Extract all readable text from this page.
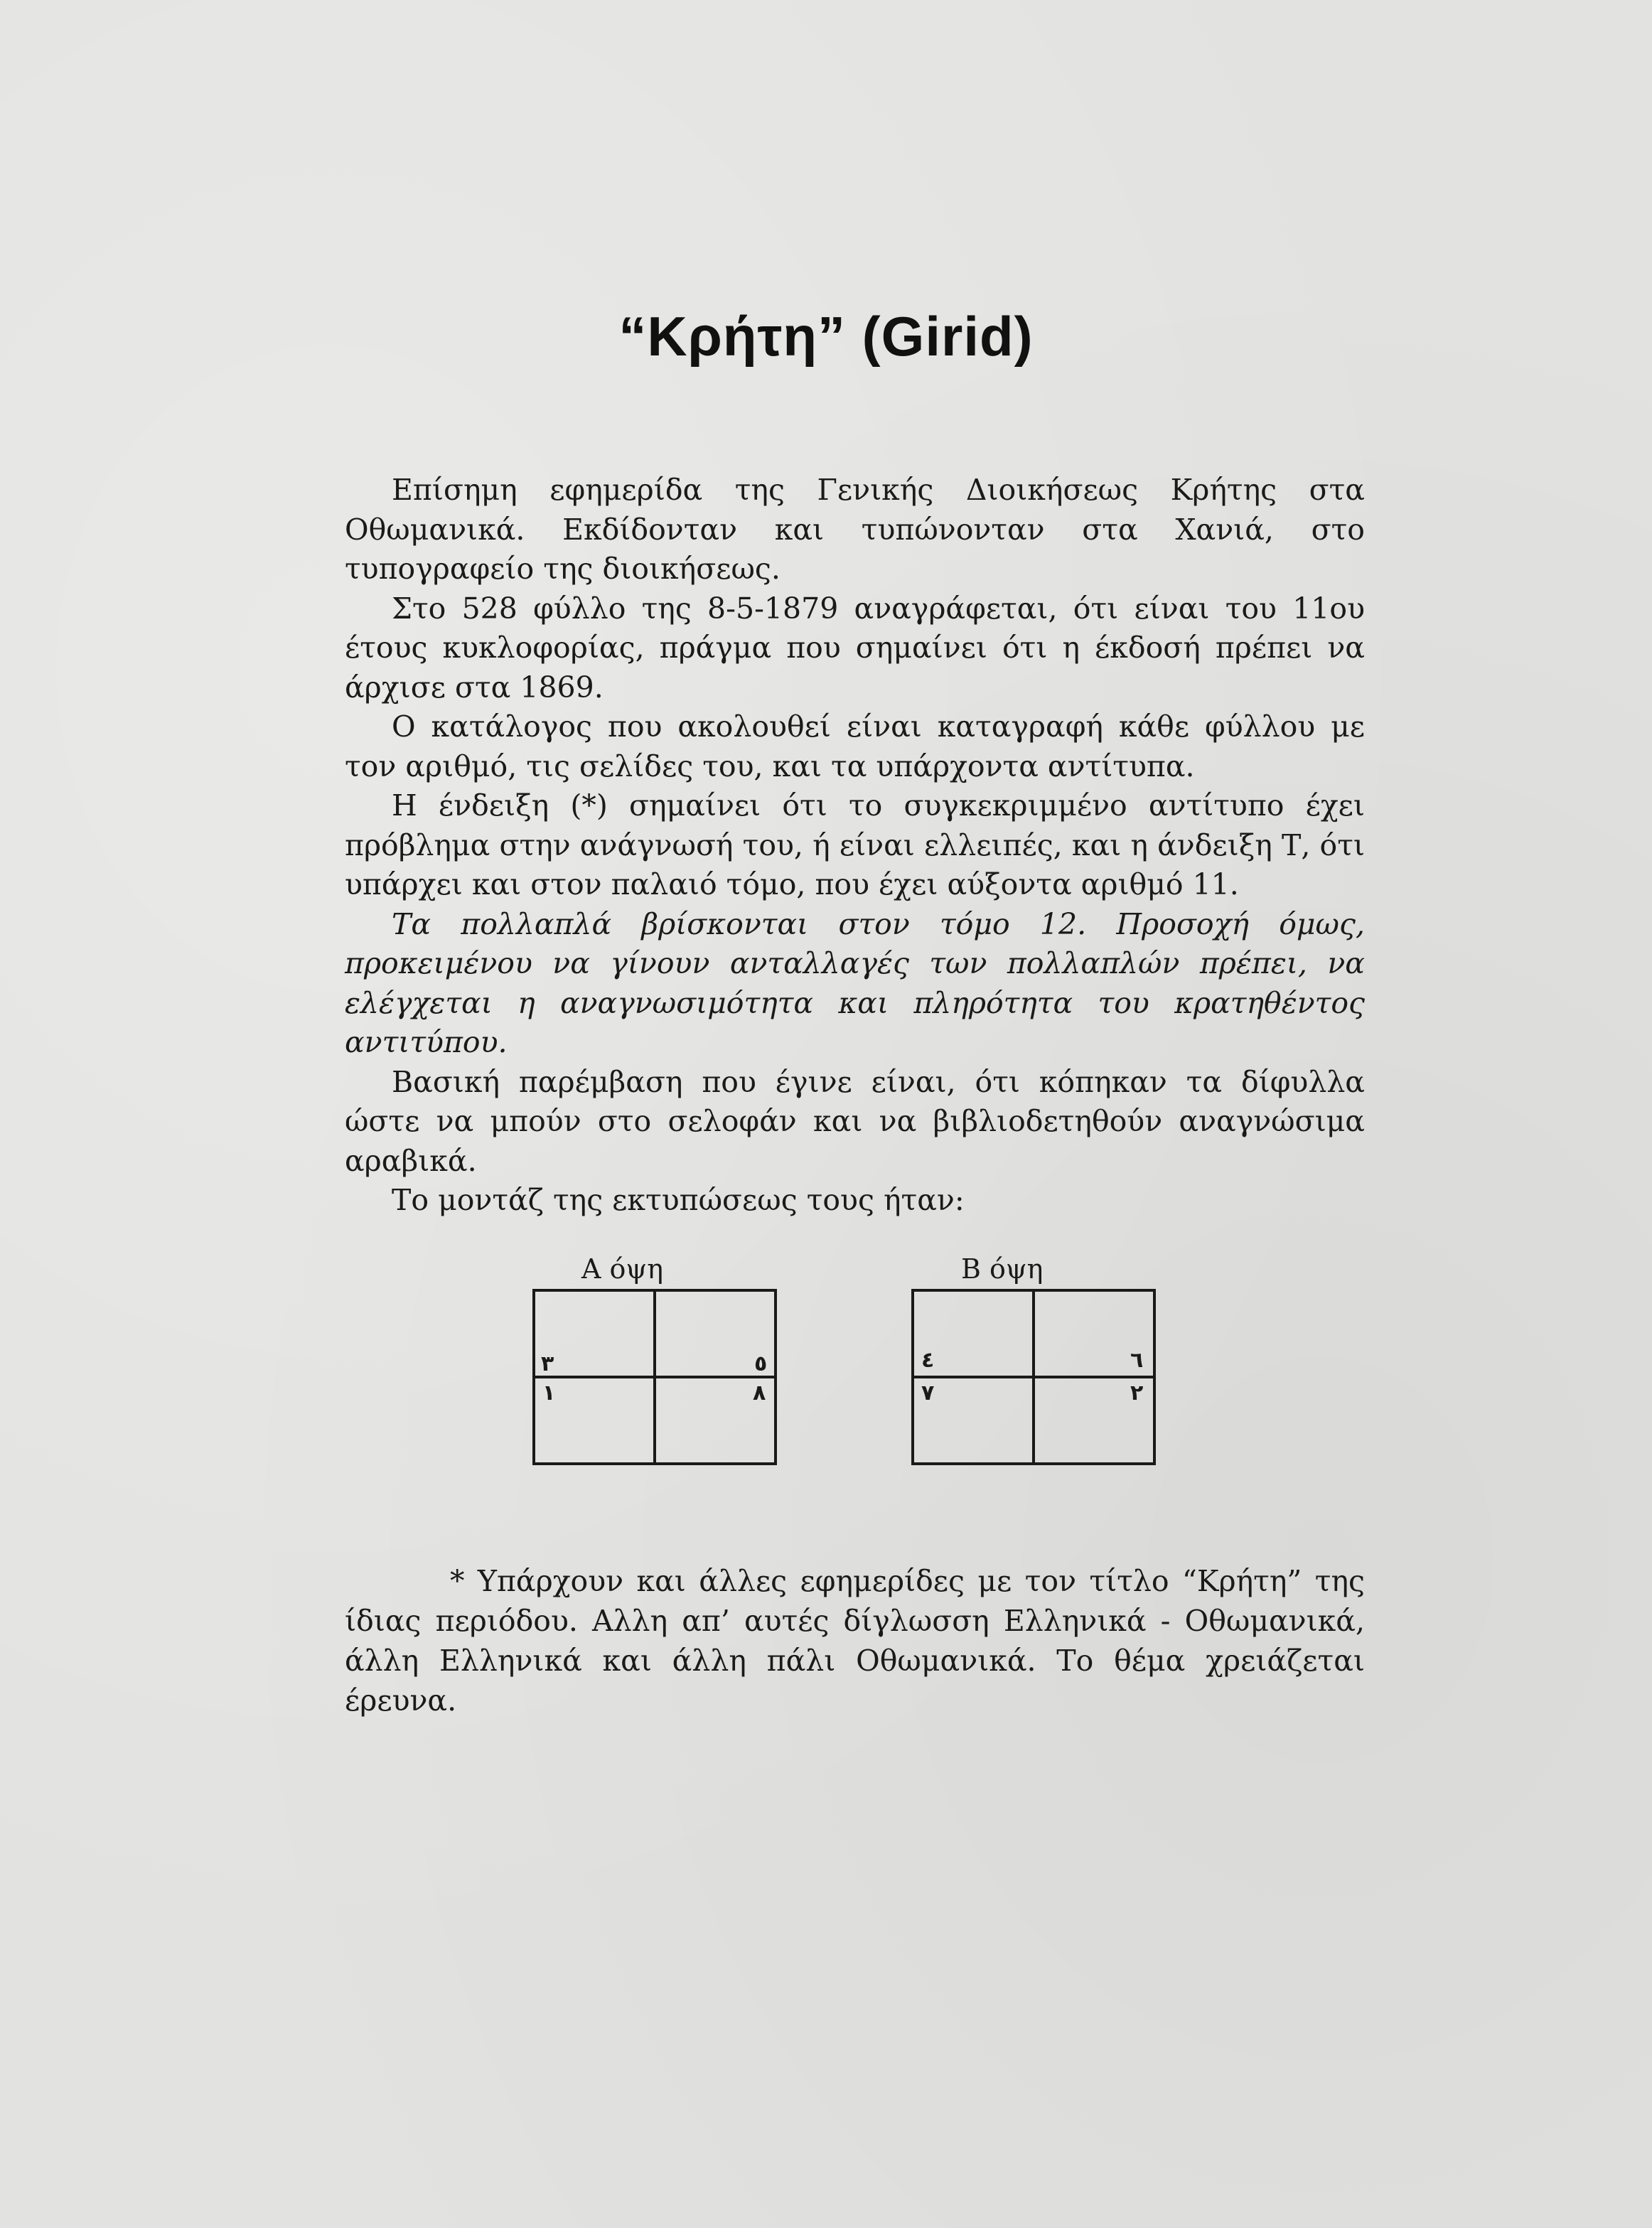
“Κρήτη” (Girid)

Επίσημη εφημερίδα της Γενικής Διοικήσεως Κρήτης στα Οθωμανικά. Εκδίδονταν και τυπώνονταν στα Χανιά, στο τυπογραφείο της διοικήσεως.

Στο 528 φύλλο της 8-5-1879 αναγράφεται, ότι είναι του 11ου έτους κυκλοφορίας, πράγμα που σημαίνει ότι η έκδοσή πρέπει να άρχισε στα 1869.

Ο κατάλογος που ακολουθεί είναι καταγραφή κάθε φύλλου με τον αριθμό, τις σελίδες του, και τα υπάρχοντα αντίτυπα.

Η ένδειξη (*) σημαίνει ότι το συγκεκριμμένο αντίτυπο έχει πρόβλημα στην ανάγνωσή του, ή είναι ελλειπές, και η άνδειξη Τ, ότι υπάρχει και στον παλαιό τόμο, που έχει αύξοντα αριθμό 11.

Τα πολλαπλά βρίσκονται στον τόμο 12. Προσοχή όμως, προκειμένου να γίνουν ανταλλαγές των πολλαπλών πρέπει, να ελέγχεται η αναγνωσιμότητα και πληρότητα του κρατηθέντος αντιτύπου.

Βασική παρέμβαση που έγινε είναι, ότι κόπηκαν τα δίφυλλα ώστε να μπούν στο σελοφάν και να βιβλιοδετηθούν αναγνώσιμα αραβικά.

Το μοντάζ της εκτυπώσεως τους ήταν:

Α όψη
٣	٥
١	٨
Β όψη
٤	٦
٧	٢
* Υπάρχουν και άλλες εφημερίδες με τον τίτλο “Κρήτη” της ίδιας περιόδου. Αλλη απ’ αυτές δίγλωσση Ελληνικά - Οθωμανικά, άλλη Ελληνικά και άλλη πάλι Οθωμανικά. Το θέμα χρειάζεται έρευνα.
